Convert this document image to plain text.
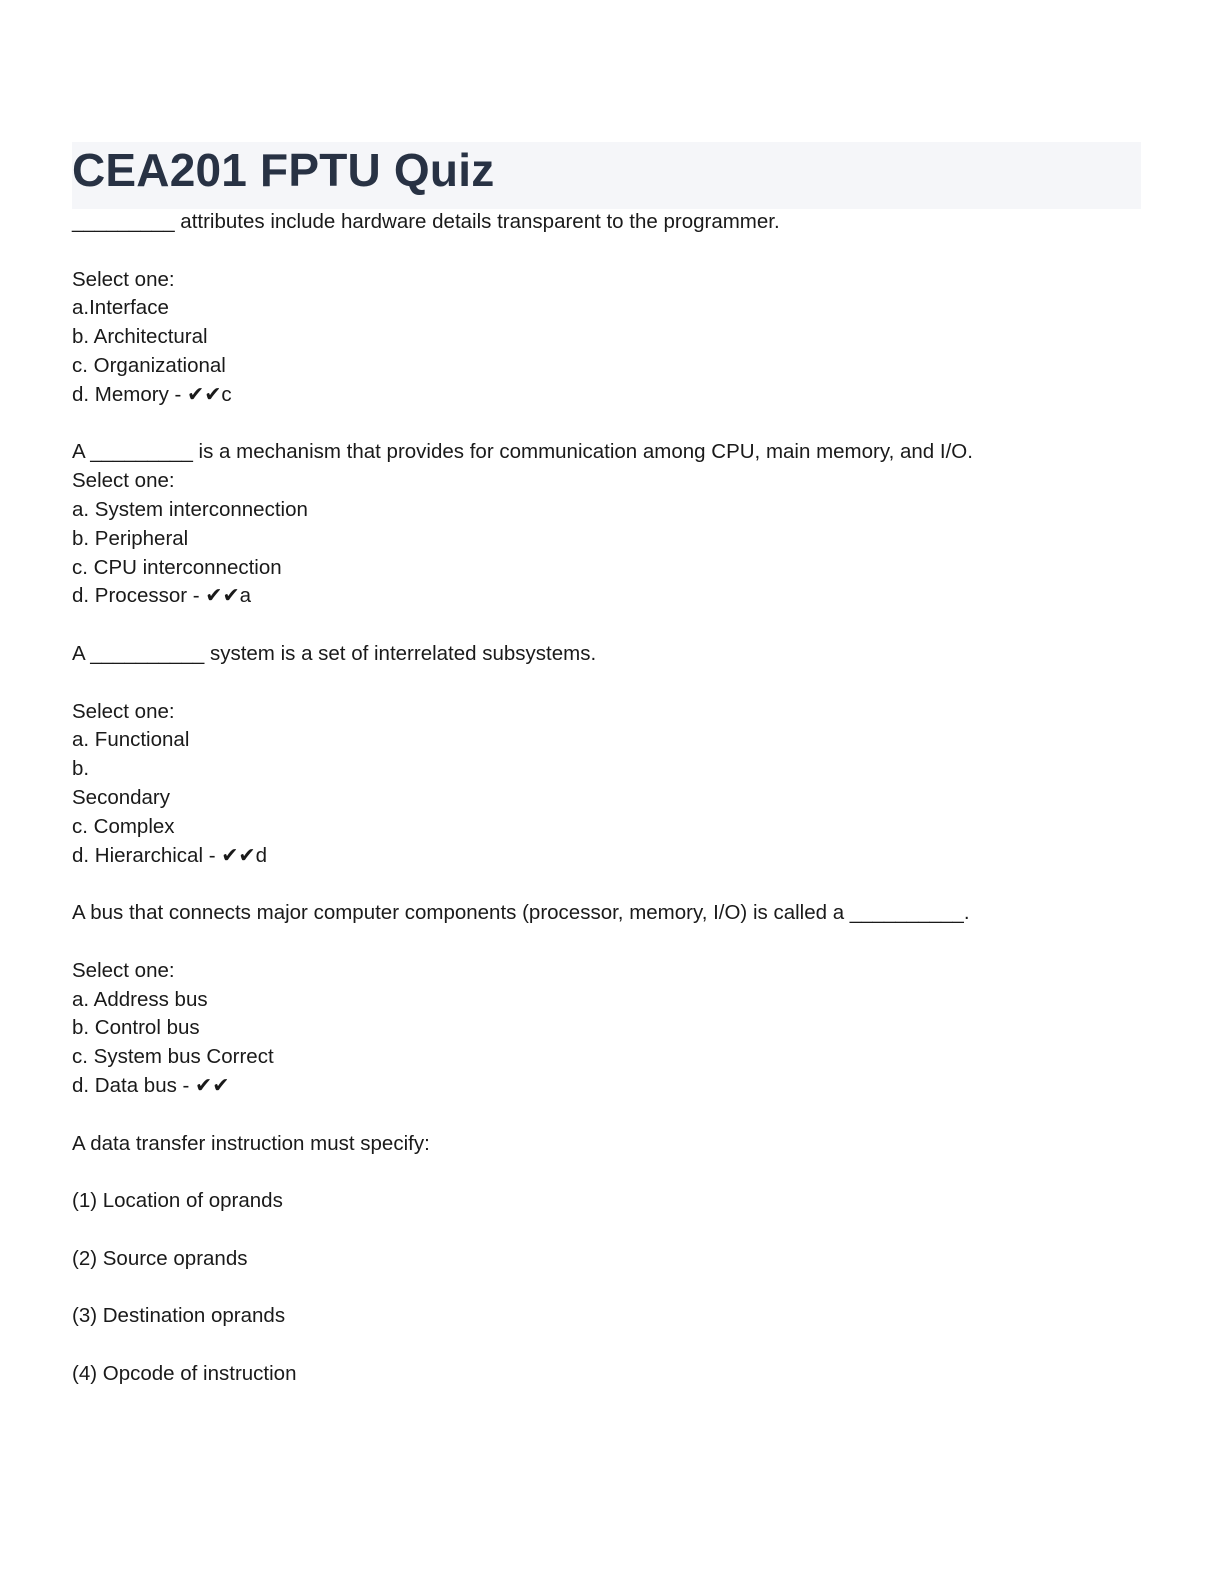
CEA201 FPTU Quiz
_________ attributes include hardware details transparent to the programmer.
Select one:
a.Interface
b. Architectural
c. Organizational
d. Memory - ✔✔c
A _________ is a mechanism that provides for communication among CPU, main memory, and I/O.
Select one:
a. System interconnection
b. Peripheral
c. CPU interconnection
d. Processor - ✔✔a
A __________ system is a set of interrelated subsystems.
Select one:
a. Functional
b.
Secondary
c. Complex
d. Hierarchical - ✔✔d
A bus that connects major computer components (processor, memory, I/O) is called a __________.
Select one:
a. Address bus
b. Control bus
c. System bus Correct
d. Data bus - ✔✔
A data transfer instruction must specify:
(1) Location of oprands
(2) Source oprands
(3) Destination oprands
(4) Opcode of instruction
